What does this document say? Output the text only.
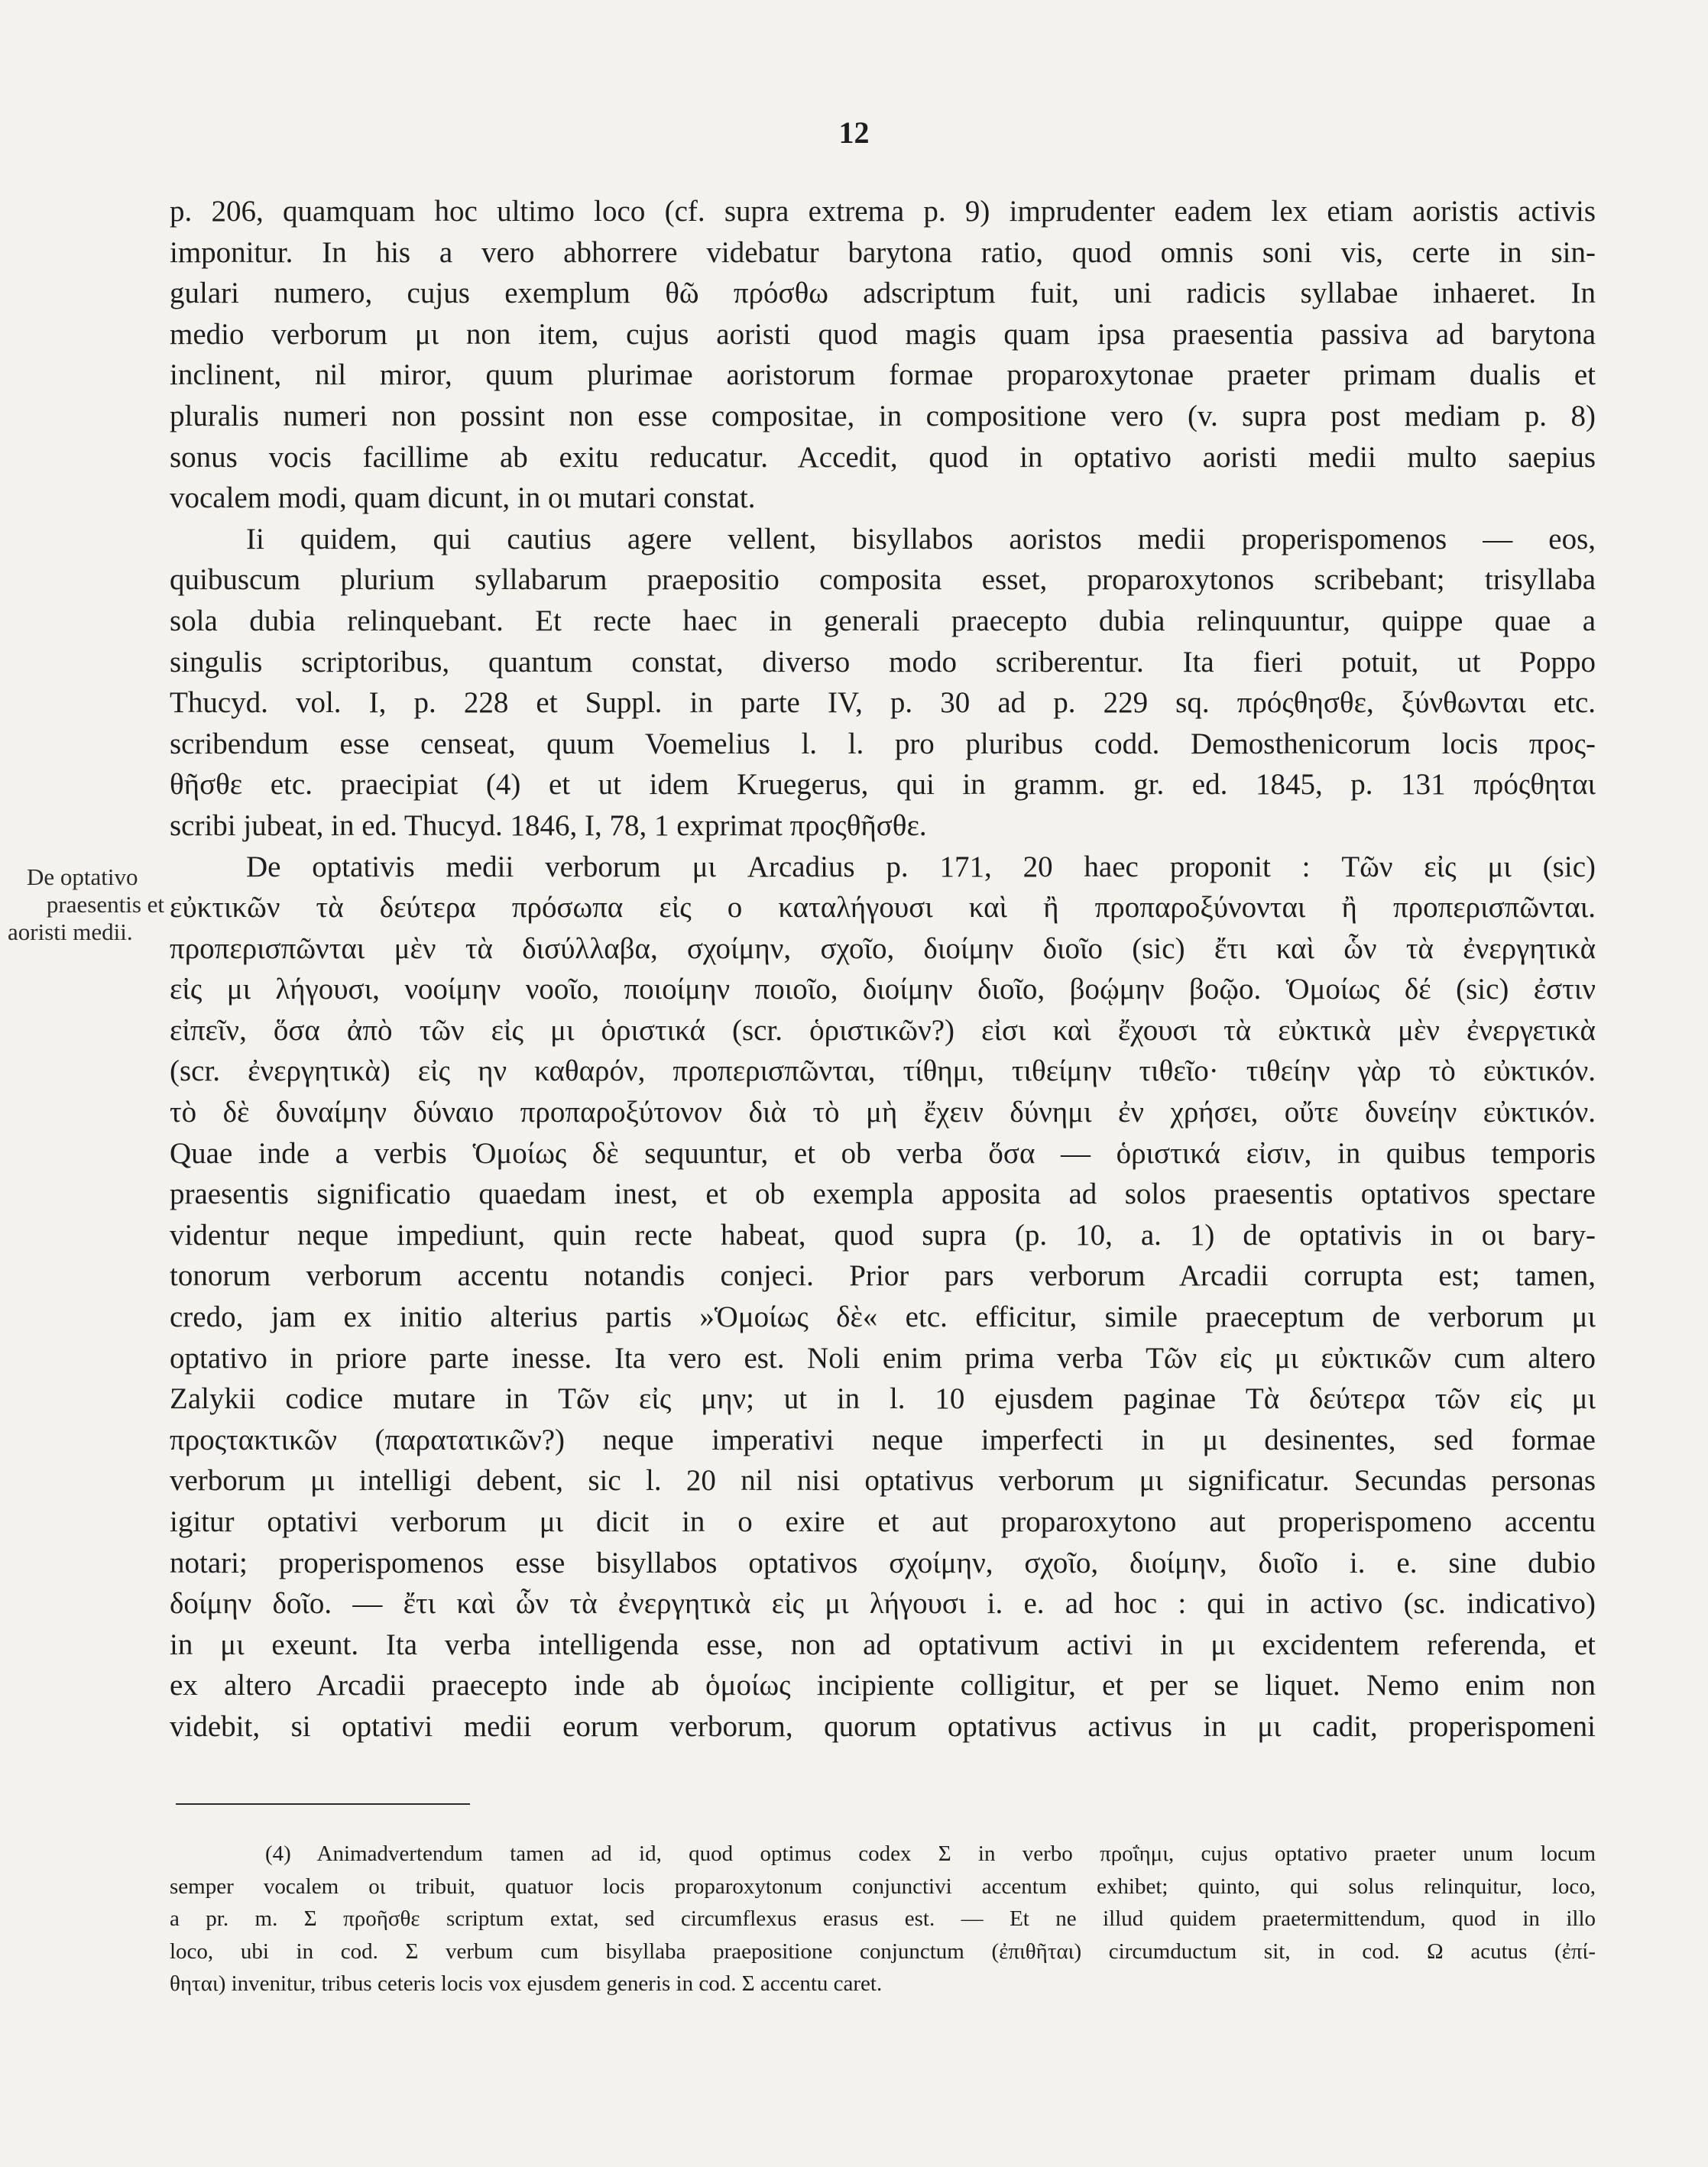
12
De optativo
praesentis et
aoristi medii.
p. 206, quamquam hoc ultimo loco (cf. supra extrema p. 9) imprudenter eadem lex etiam aoristis activis
imponitur. In his a vero abhorrere videbatur barytona ratio, quod omnis soni vis, certe in sin-
gulari numero, cujus exemplum θῶ πρόσθω adscriptum fuit, uni radicis syllabae inhaeret. In
medio verborum μι non item, cujus aoristi quod magis quam ipsa praesentia passiva ad barytona
inclinent, nil miror, quum plurimae aoristorum formae proparoxytonae praeter primam dualis et
pluralis numeri non possint non esse compositae, in compositione vero (v. supra post mediam p. 8)
sonus vocis facillime ab exitu reducatur. Accedit, quod in optativo aoristi medii multo saepius
vocalem modi, quam dicunt, in οι mutari constat.
Ii quidem, qui cautius agere vellent, bisyllabos aoristos medii properispomenos — eos,
quibuscum plurium syllabarum praepositio composita esset, proparoxytonos scribebant; trisyllaba
sola dubia relinquebant. Et recte haec in generali praecepto dubia relinquuntur, quippe quae a
singulis scriptoribus, quantum constat, diverso modo scriberentur. Ita fieri potuit, ut Poppo
Thucyd. vol. I, p. 228 et Suppl. in parte IV, p. 30 ad p. 229 sq. πρόςθησθε, ξύνθωνται etc.
scribendum esse censeat, quum Voemelius l. l. pro pluribus codd. Demosthenicorum locis προς-
θῆσθε etc. praecipiat (4) et ut idem Kruegerus, qui in gramm. gr. ed. 1845, p. 131 πρόςθηται
scribi jubeat, in ed. Thucyd. 1846, I, 78, 1 exprimat προςθῆσθε.
De optativis medii verborum μι Arcadius p. 171, 20 haec proponit : Τῶν εἰς μι (sic)
εὐκτικῶν τὰ δεύτερα πρόσωπα εἰς ο καταλήγουσι καὶ ἢ προπαροξύνονται ἢ προπερισπῶνται.
προπερισπῶνται μὲν τὰ δισύλλαβα, σχοίμην, σχοῖο, διοίμην διοῖο (sic) ἔτι καὶ ὧν τὰ ἐνεργητικὰ
εἰς μι λήγουσι, νοοίμην νοοῖο, ποιοίμην ποιοῖο, διοίμην διοῖο, βοῴμην βοῷο. Ὁμοίως δέ (sic) ἐστιν
εἰπεῖν, ὅσα ἀπὸ τῶν εἰς μι ὁριστικά (scr. ὁριστικῶν?) εἰσι καὶ ἔχουσι τὰ εὐκτικὰ μὲν ἐνεργετικὰ
(scr. ἐνεργητικὰ) εἰς ην καθαρόν, προπερισπῶνται, τίθημι, τιθείμην τιθεῖο· τιθείην γὰρ τὸ εὐκτικόν.
τὸ δὲ δυναίμην δύναιο προπαροξύτονον διὰ τὸ μὴ ἔχειν δύνημι ἐν χρήσει, οὔτε δυνείην εὐκτικόν.
Quae inde a verbis Ὁμοίως δὲ sequuntur, et ob verba ὅσα — ὁριστικά εἰσιν, in quibus temporis
praesentis significatio quaedam inest, et ob exempla apposita ad solos praesentis optativos spectare
videntur neque impediunt, quin recte habeat, quod supra (p. 10, a. 1) de optativis in οι bary-
tonorum verborum accentu notandis conjeci. Prior pars verborum Arcadii corrupta est; tamen,
credo, jam ex initio alterius partis »Ὁμοίως δὲ« etc. efficitur, simile praeceptum de verborum μι
optativo in priore parte inesse. Ita vero est. Noli enim prima verba Τῶν εἰς μι εὐκτικῶν cum altero
Zalykii codice mutare in Τῶν εἰς μην; ut in l. 10 ejusdem paginae Τὰ δεύτερα τῶν εἰς μι
προςτακτικῶν (παρατατικῶν?) neque imperativi neque imperfecti in μι desinentes, sed formae
verborum μι intelligi debent, sic l. 20 nil nisi optativus verborum μι significatur. Secundas personas
igitur optativi verborum μι dicit in ο exire et aut proparoxytono aut properispomeno accentu
notari; properispomenos esse bisyllabos optativos σχοίμην, σχοῖο, διοίμην, διοῖο i. e. sine dubio
δοίμην δοῖο. — ἔτι καὶ ὧν τὰ ἐνεργητικὰ εἰς μι λήγουσι i. e. ad hoc : qui in activo (sc. indicativo)
in μι exeunt. Ita verba intelligenda esse, non ad optativum activi in μι excidentem referenda, et
ex altero Arcadii praecepto inde ab ὁμοίως incipiente colligitur, et per se liquet. Nemo enim non
videbit, si optativi medii eorum verborum, quorum optativus activus in μι cadit, properispomeni
(4) Animadvertendum tamen ad id, quod optimus codex Σ in verbo προΐημι, cujus optativo praeter unum locum
semper vocalem οι tribuit, quatuor locis proparoxytonum conjunctivi accentum exhibet; quinto, qui solus relinquitur, loco,
a pr. m. Σ προῆσθε scriptum extat, sed circumflexus erasus est. — Et ne illud quidem praetermittendum, quod in illo
loco, ubi in cod. Σ verbum cum bisyllaba praepositione conjunctum (ἐπιθῆται) circumductum sit, in cod. Ω acutus (ἐπί-
θηται) invenitur, tribus ceteris locis vox ejusdem generis in cod. Σ accentu caret.
